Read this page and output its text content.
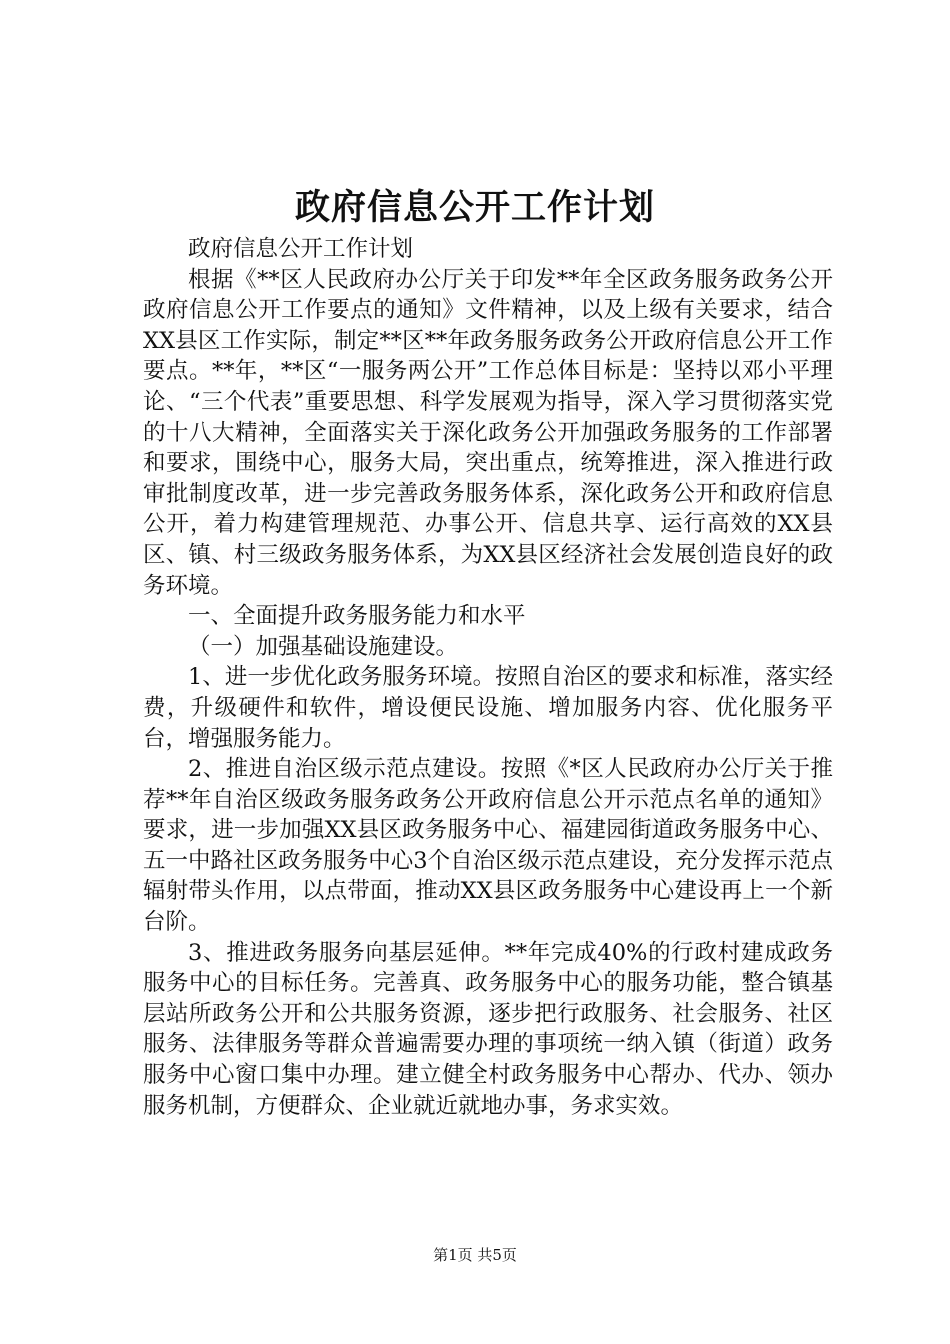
政府信息公开工作计划

政府信息公开工作计划

根据《**区人民政府办公厅关于印发**年全区政务服务政务公开政府信息公开工作要点的通知》文件精神，以及上级有关要求，结合XX县区工作实际，制定**区**年政务服务政务公开政府信息公开工作要点。**年，**区“一服务两公开”工作总体目标是：坚持以邓小平理论、“三个代表”重要思想、科学发展观为指导，深入学习贯彻落实党的十八大精神，全面落实关于深化政务公开加强政务服务的工作部署和要求，围绕中心，服务大局，突出重点，统筹推进，深入推进行政审批制度改革，进一步完善政务服务体系，深化政务公开和政府信息公开，着力构建管理规范、办事公开、信息共享、运行高效的XX县区、镇、村三级政务服务体系，为XX县区经济社会发展创造良好的政务环境。

一、全面提升政务服务能力和水平

（一）加强基础设施建设。

1、进一步优化政务服务环境。按照自治区的要求和标准，落实经费，升级硬件和软件，增设便民设施、增加服务内容、优化服务平台，增强服务能力。

2、推进自治区级示范点建设。按照《*区人民政府办公厅关于推荐**年自治区级政务服务政务公开政府信息公开示范点名单的通知》要求，进一步加强XX县区政务服务中心、福建园街道政务服务中心、五一中路社区政务服务中心3个自治区级示范点建设，充分发挥示范点辐射带头作用，以点带面，推动XX县区政务服务中心建设再上一个新台阶。

3、推进政务服务向基层延伸。**年完成40%的行政村建成政务服务中心的目标任务。完善真、政务服务中心的服务功能，整合镇基层站所政务公开和公共服务资源，逐步把行政服务、社会服务、社区服务、法律服务等群众普遍需要办理的事项统一纳入镇（街道）政务服务中心窗口集中办理。建立健全村政务服务中心帮办、代办、领办服务机制，方便群众、企业就近就地办事，务求实效。

第1页 共5页
